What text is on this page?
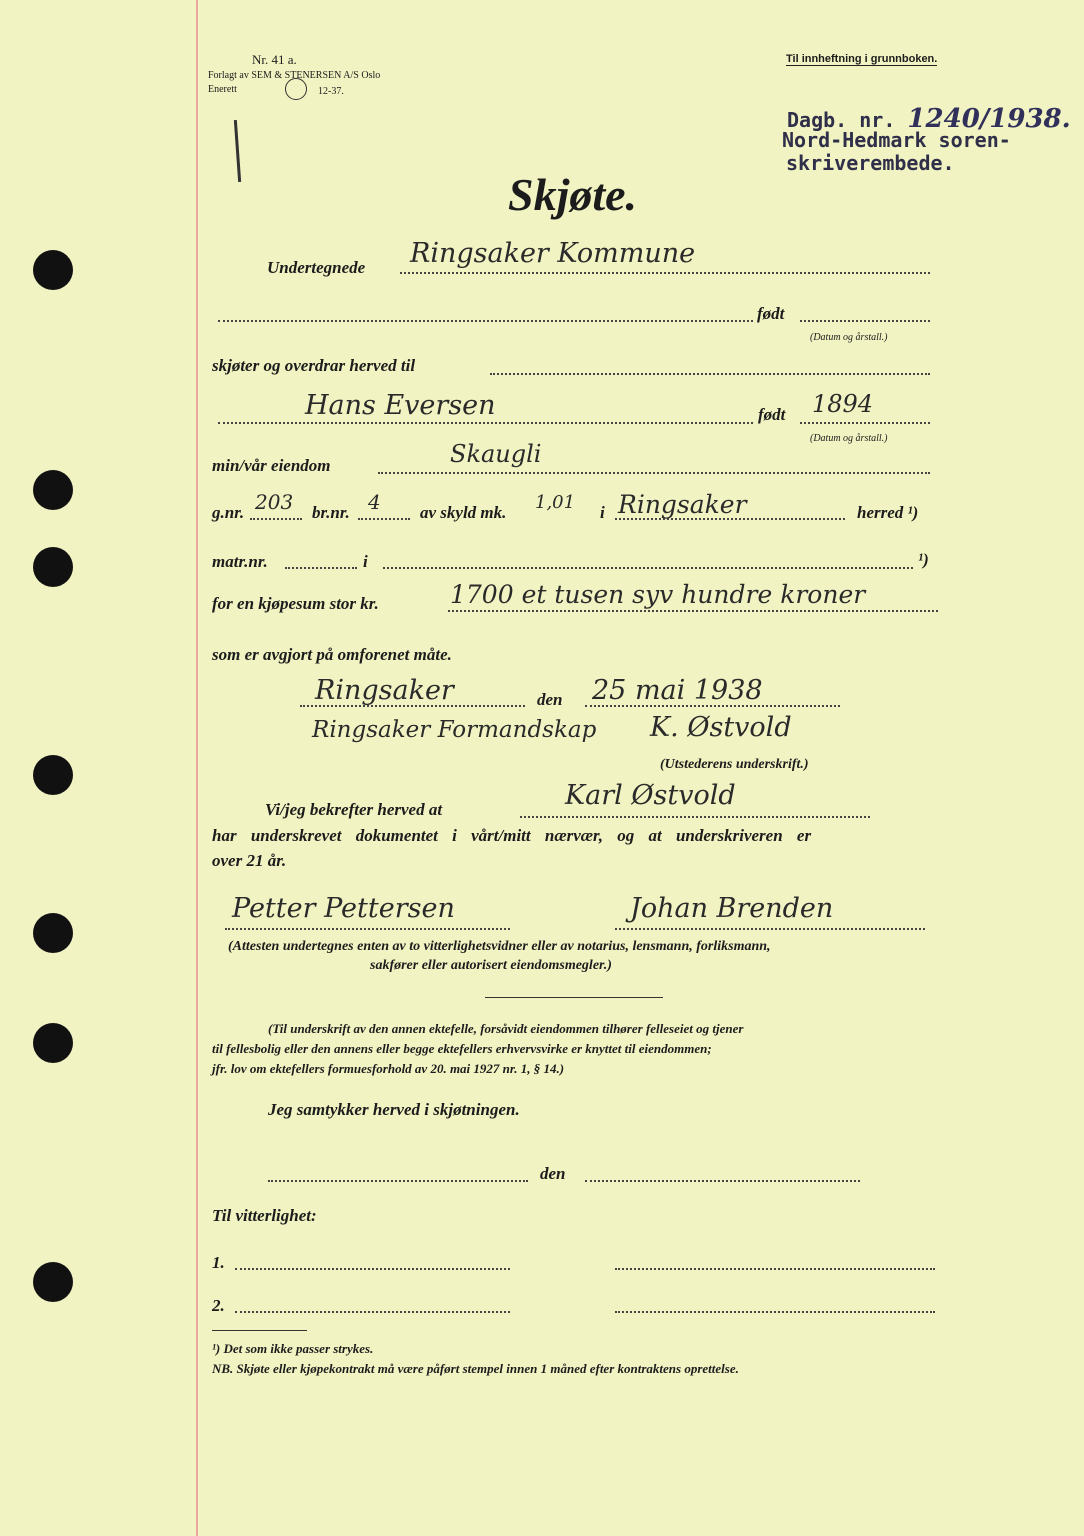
Nr. 41 a.
Forlagt av SEM & STENERSEN A/S Oslo
Enerett	12-37.
Til innheftning i grunnboken.
Dagb. nr. 1240/1938.
Nord-Hedmark soren-
skriverembede.
Skjøte.
Undertegnede Ringsaker Kommune
født
(Datum og årstall.)
skjøter og overdrar herved til
Hans Eversen	født 1894
(Datum og årstall.)
min/vår eiendom	Skaugli
g.nr. 203 br.nr. 4 av skyld mk. 1,01 i Ringsaker	herred ¹)
matr.nr.	i	¹)
for en kjøpesum stor kr.	1700 et tusen syv hundre kroner
som er avgjort på omforenet måte.
Ringsaker	den 25 mai 1938
Ringsaker Formandskap K. Østvold
(Utstederens underskrift.)
Vi/jeg bekrefter herved at	Karl Østvold
har underskrevet dokumentet i vårt/mitt nærvær, og at underskriveren er
over 21 år.
Petter Pettersen	Johan Brenden
(Attesten undertegnes enten av to vitterlighetsvidner eller av notarius, lensmann, forliksmann,
sakfører eller autorisert eiendomsmegler.)
(Til underskrift av den annen ektefelle, forsåvidt eiendommen tilhører felleseiet og tjener
til fellesbolig eller den annens eller begge ektefellers erhvervsvirke er knyttet til eiendommen;
jfr. lov om ektefellers formuesforhold av 20. mai 1927 nr. 1, § 14.)
Jeg samtykker herved i skjøtningen.
den
Til vitterlighet:
1.
2.
¹) Det som ikke passer strykes.
NB. Skjøte eller kjøpekontrakt må være påført stempel innen 1 måned efter kontraktens oprettelse.
